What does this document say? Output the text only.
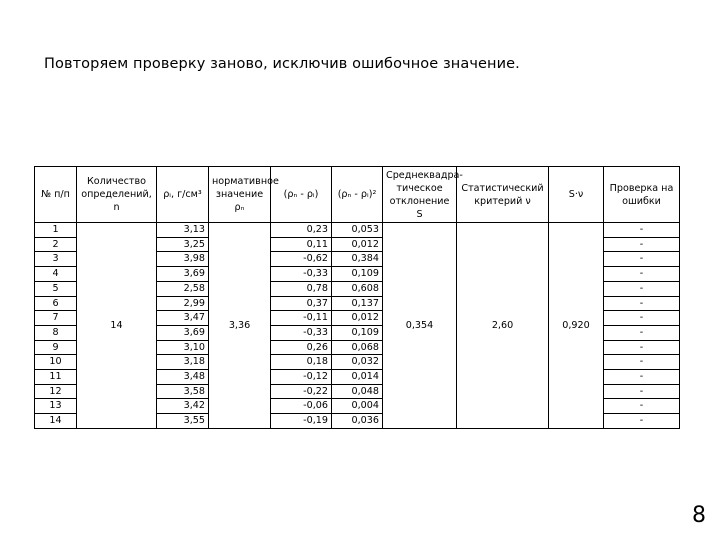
Повторяем проверку заново, исключив ошибочное значение.
№ п/п	Количество определений, n	ρᵢ, г/см³	нормативное значение ρₙ	(ρₙ - ρᵢ)	(ρₙ - ρᵢ)²	Среднеквадра-тическое отклонение S	Статистический критерий ν	S·ν	Проверка на ошибки
1	14	3,13	3,36	0,23	0,053	0,354	2,60	0,920	-
2		3,25		0,11	0,012				-
3		3,98		-0,62	0,384				-
4		3,69		-0,33	0,109				-
5		2,58		0,78	0,608				-
6		2,99		0,37	0,137				-
7		3,47		-0,11	0,012				-
8		3,69		-0,33	0,109				-
9		3,10		0,26	0,068				-
10		3,18		0,18	0,032				-
11		3,48		-0,12	0,014				-
12		3,58		-0,22	0,048				-
13		3,42		-0,06	0,004				-
14		3,55		-0,19	0,036				-
8
